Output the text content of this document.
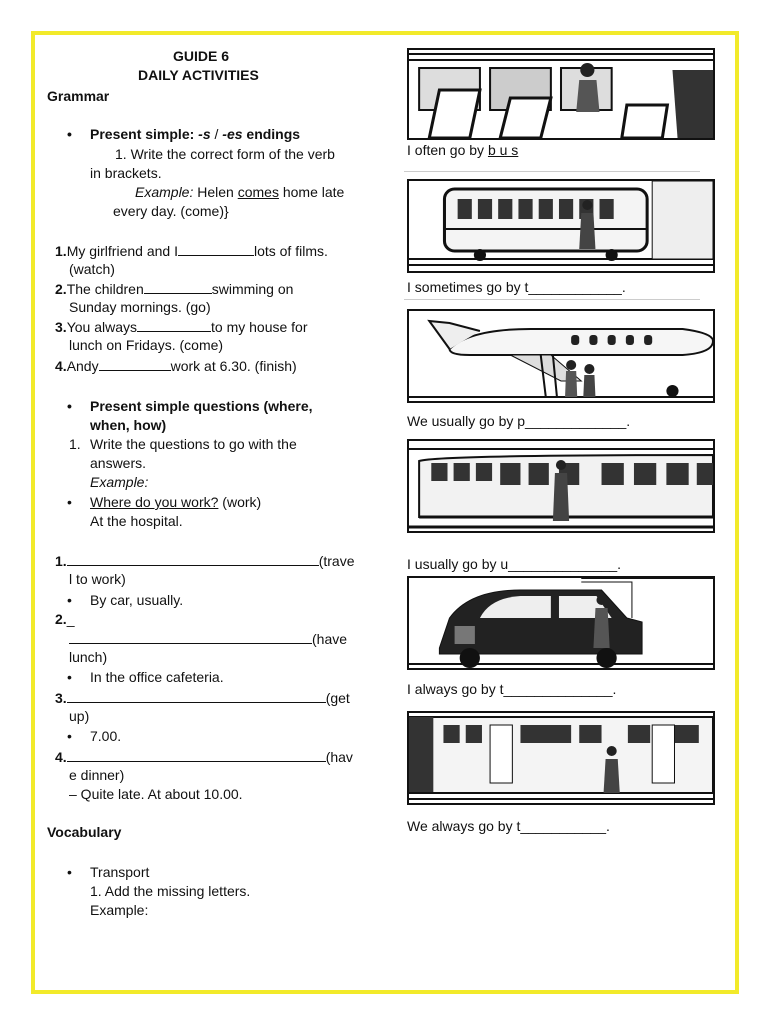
GUIDE 6
DAILY ACTIVITIES
Grammar
• Present simple: -s / -es endings
1. Write the correct form of the verb
in brackets.
Example: Helen comes home late
every day. (come)}
1.My girlfriend and I	lots of films.
(watch)
2.The children	swimming on
Sunday mornings. (go)
3.You always	to my house for
lunch on Fridays. (come)
4.Andy	work at 6.30. (finish)
• Present simple questions (where,
when, how)
1. Write the questions to go with the
answers.
Example:
• Where do you work? (work)
At the hospital.
1.	(trave
l to work)
• By car, usually.
2._
(have
lunch)
• In the office cafeteria.
3.	(get
up)
• 7.00.
4.	(hav
e dinner)
– Quite late. At about 10.00.
Vocabulary
• Transport
1. Add the missing letters.
Example:
I often go by b u s
I sometimes go by t____________.
We usually go by p_____________.
I usually go by u______________.
I always go by t______________.
We always go by t___________.
